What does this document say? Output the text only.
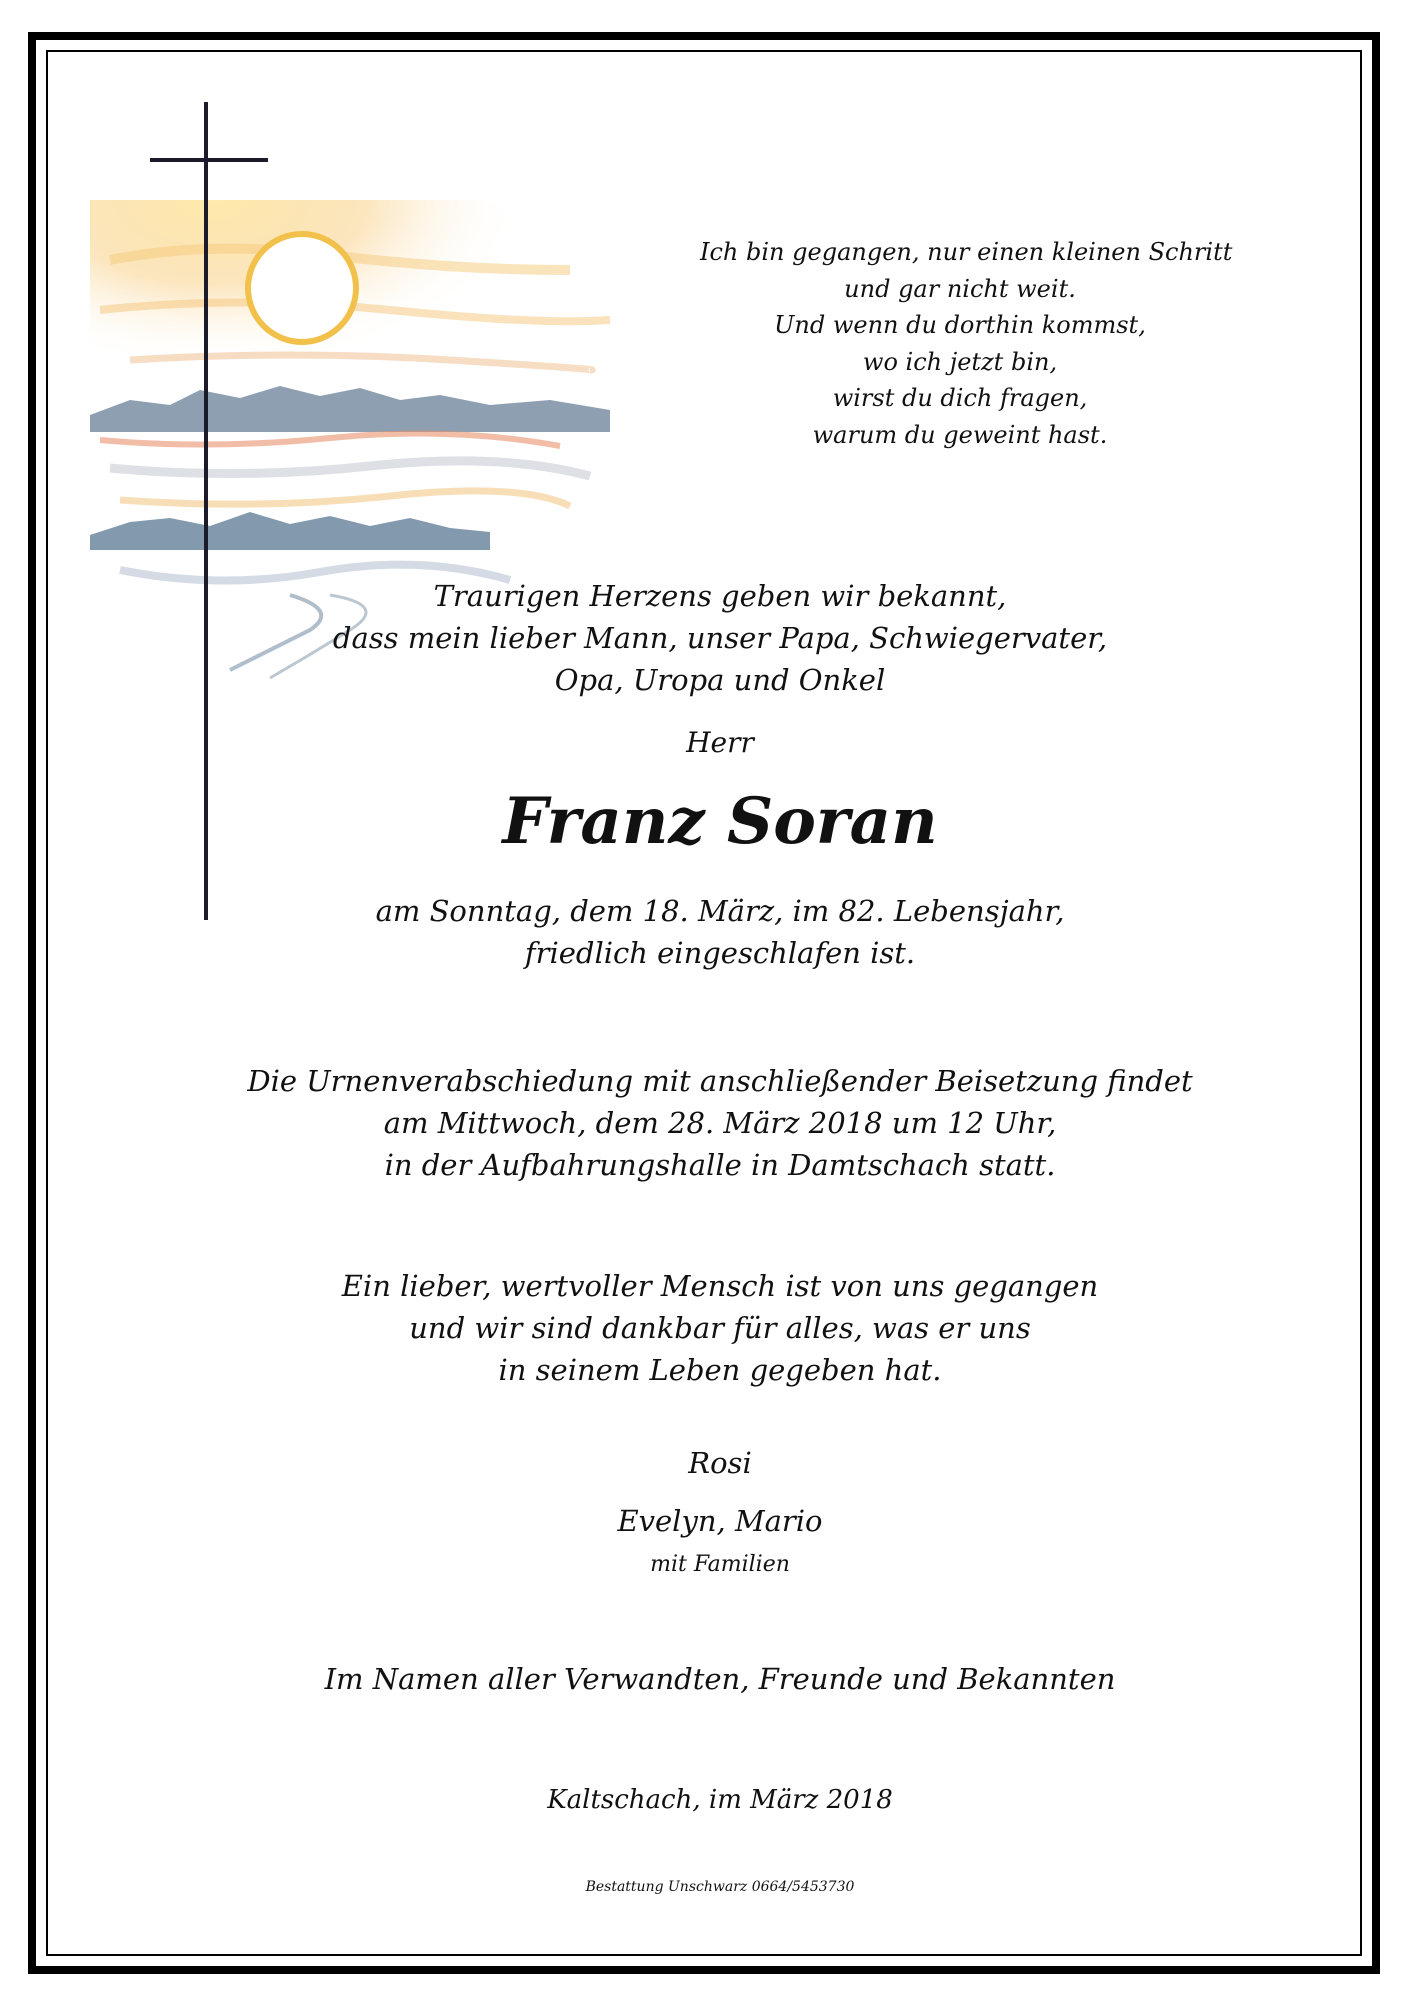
Ich bin gegangen, nur einen kleinen Schritt
und gar nicht weit.
Und wenn du dorthin kommst,
wo ich jetzt bin,
wirst du dich fragen,
warum du geweint hast.
Traurigen Herzens geben wir bekannt,
dass mein lieber Mann, unser Papa, Schwiegervater,
Opa, Uropa und Onkel
Herr
Franz Soran
am Sonntag, dem 18. März, im 82. Lebensjahr,
friedlich eingeschlafen ist.
Die Urnenverabschiedung mit anschließender Beisetzung findet
am Mittwoch, dem 28. März 2018 um 12 Uhr,
in der Aufbahrungshalle in Damtschach statt.
Ein lieber, wertvoller Mensch ist von uns gegangen
und wir sind dankbar für alles, was er uns
in seinem Leben gegeben hat.
Rosi
Evelyn, Mario
mit Familien
Im Namen aller Verwandten, Freunde und Bekannten
Kaltschach, im März 2018
Bestattung Unschwarz 0664/5453730
